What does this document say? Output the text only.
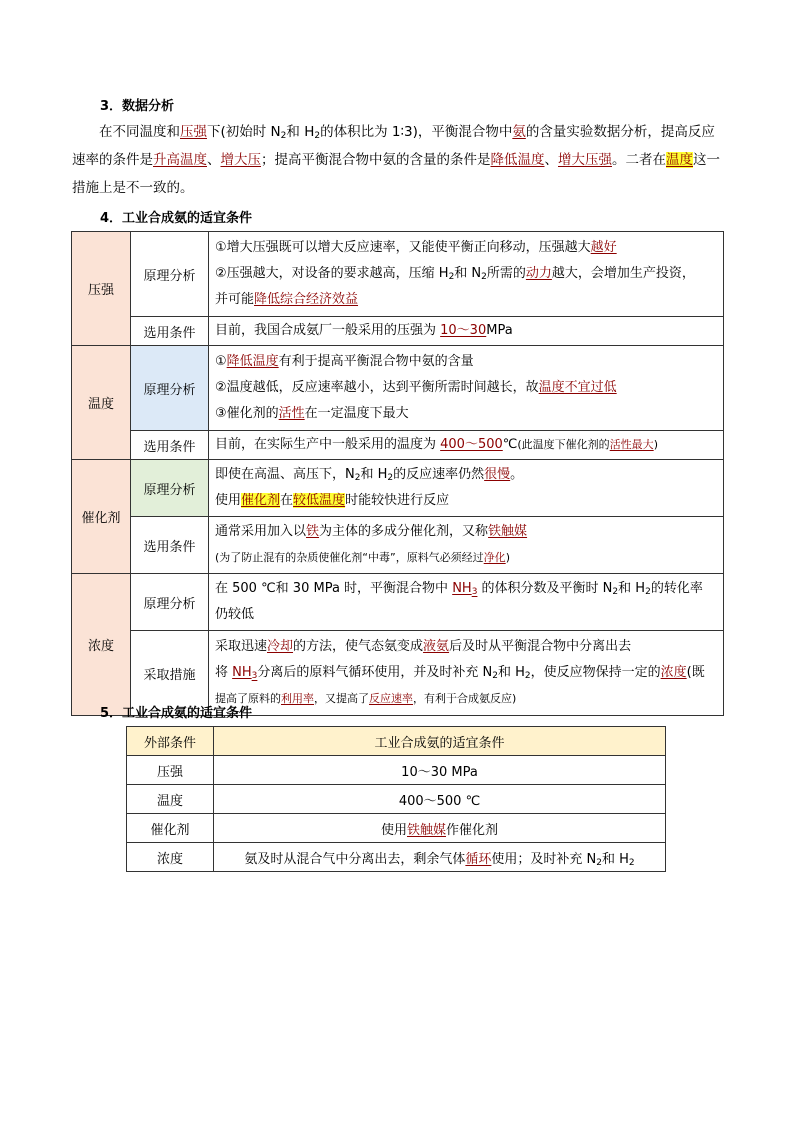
3．数据分析
在不同温度和压强下(初始时 $N_2$和 $H_2$的体积比为 1∶3)，平衡混合物中氨的含量实验数据分析，提高反应速率的条件是升高温度、增大压；提高平衡混合物中氨的含量的条件是降低温度、增大压强。二者在温度这一措施上是不一致的。
4．工业合成氨的适宜条件
压强	原理分析	①增大压强既可以增大反应速率，又能使平衡正向移动，压强越大越好
②压强越大，对设备的要求越高，压缩 $H_2$和 $N_2$所需的动力越大，会增加生产投资，
并可能降低综合经济效益

	选用条件	目前，我国合成氨厂一般采用的压强为 10～30MPa
温度	原理分析	①降低温度有利于提高平衡混合物中氨的含量
②温度越低，反应速率越小，达到平衡所需时间越长，故温度不宜过低
③催化剂的活性在一定温度下最大

	选用条件	目前，在实际生产中一般采用的温度为 400～500℃(此温度下催化剂的活性最大)
催化剂	原理分析	即使在高温、高压下，$N_2$和 $H_2$的反应速率仍然很慢。
使用催化剂在较低温度时能较快进行反应

	选用条件	通常采用加入以铁为主体的多成分催化剂，又称铁触媒
(为了防止混有的杂质使催化剂“中毒”，原料气必须经过净化)

浓度	原理分析	在 500 ℃和 30 MPa 时，平衡混合物中 $NH_3$ 的体积分数及平衡时 $N_2$和 $H_2$的转化率
仍较低

	采取措施	采取迅速冷却的方法，使气态氨变成液氨后及时从平衡混合物中分离出去
将 $NH_3$分离后的原料气循环使用，并及时补充 $N_2$和 $H_2$，使反应物保持一定的浓度(既
提高了原料的利用率，又提高了反应速率，有利于合成氨反应)
5．工业合成氨的适宜条件
外部条件	工业合成氨的适宜条件
压强	10～30 MPa
温度	400～500 ℃
催化剂	使用铁触媒作催化剂
浓度	氨及时从混合气中分离出去，剩余气体循环使用；及时补充 $N_2$和 $H_2$
